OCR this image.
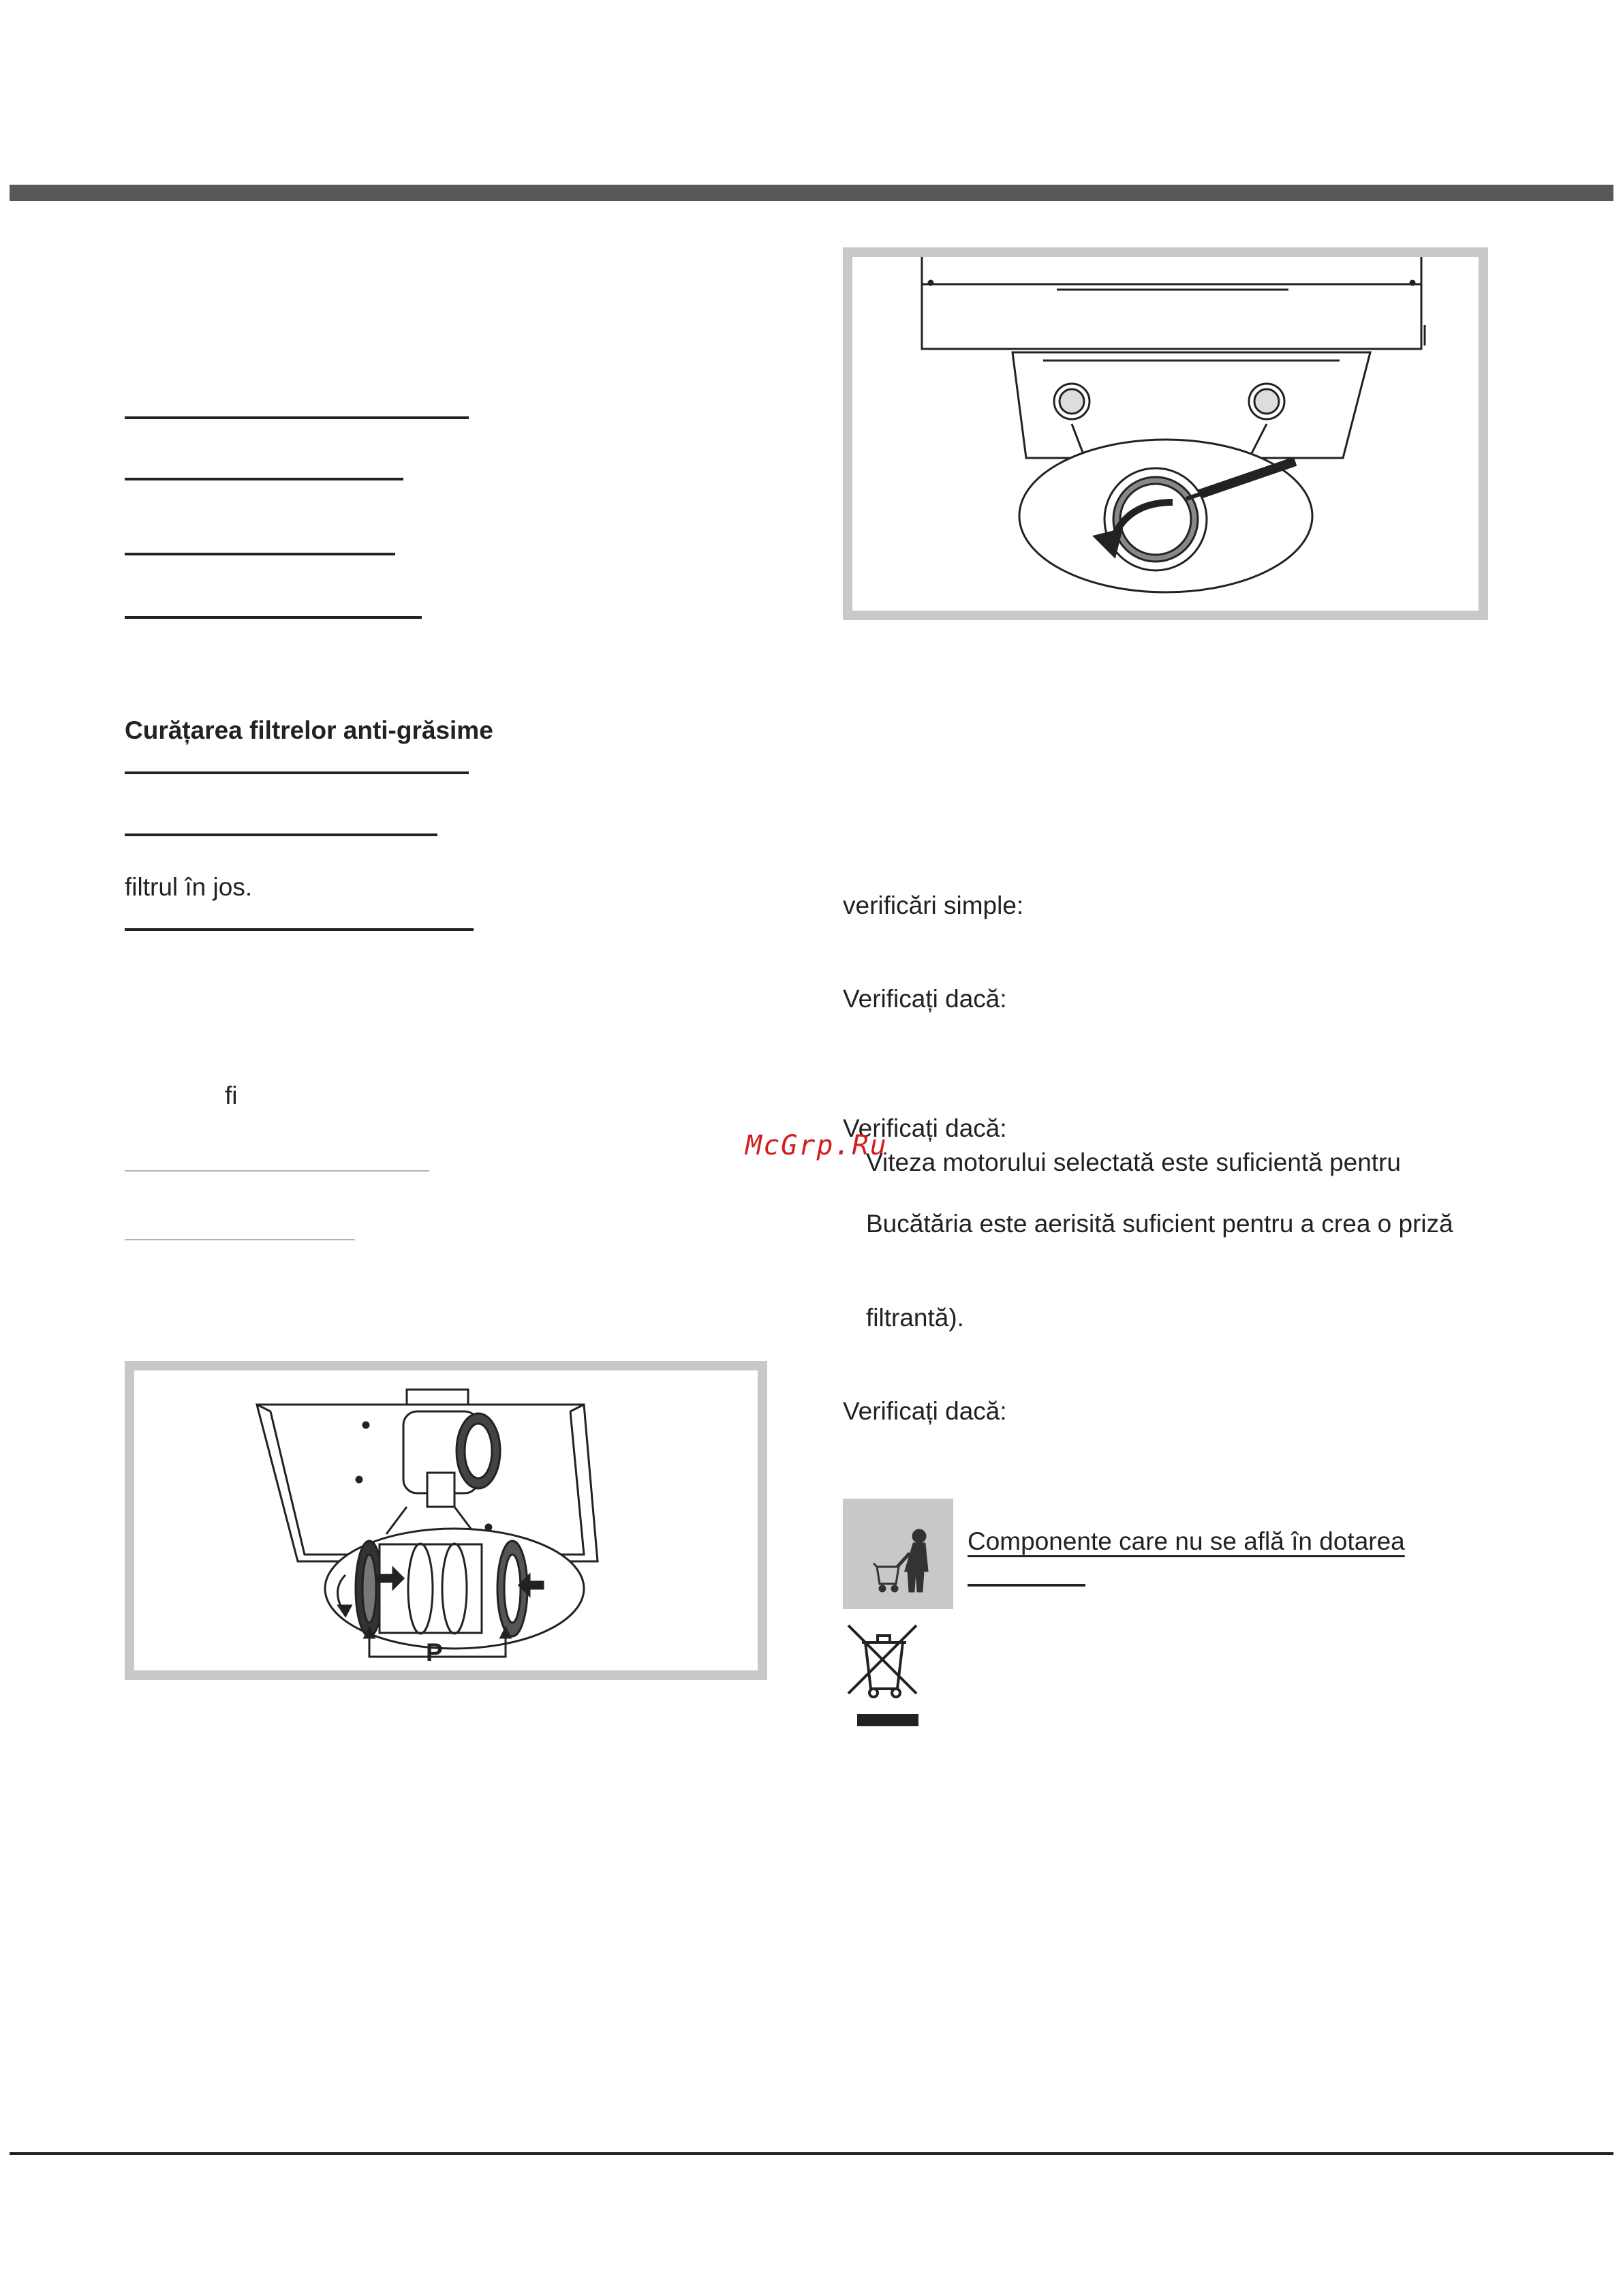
Curățarea filtrelor anti-grăsime
filtrul în jos.
ﬁ
P
verificări simple:
Verificați dacă:
Verificați dacă:
McGrp.Ru
Viteza motorului selectată este suficientă pentru
Bucătăria este aerisită suficient pentru a crea o priză
filtrantă).
Verificați dacă:
Componente care nu se află în dotarea
